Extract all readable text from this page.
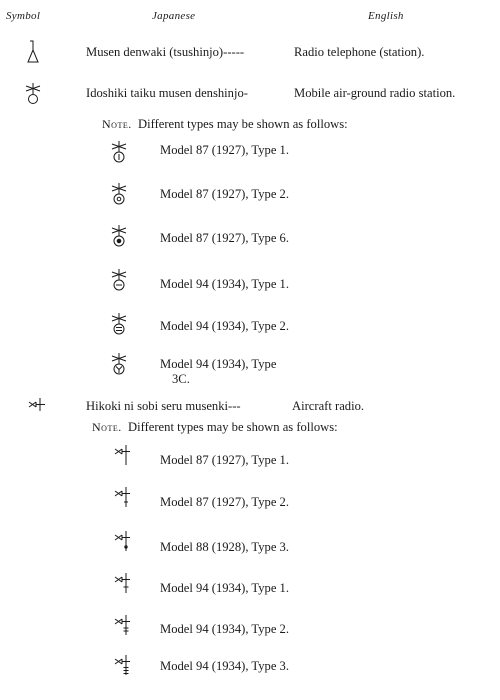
Symbol	Japanese	English
Musen denwaki (tsushinjo)-----	Radio telephone (station).
Idoshiki taiku musen denshinjo-	Mobile air-ground radio station.
Note. Different types may be shown as follows:
Model 87 (1927), Type 1.
Model 87 (1927), Type 2.
Model 87 (1927), Type 6.
Model 94 (1934), Type 1.
Model 94 (1934), Type 2.
Model 94 (1934), Type
3C.
Hikoki ni sobi seru musenki---	Aircraft radio.
Note. Different types may be shown as follows:
Model 87 (1927), Type 1.
Model 87 (1927), Type 2.
Model 88 (1928), Type 3.
Model 94 (1934), Type 1.
Model 94 (1934), Type 2.
Model 94 (1934), Type 3.
